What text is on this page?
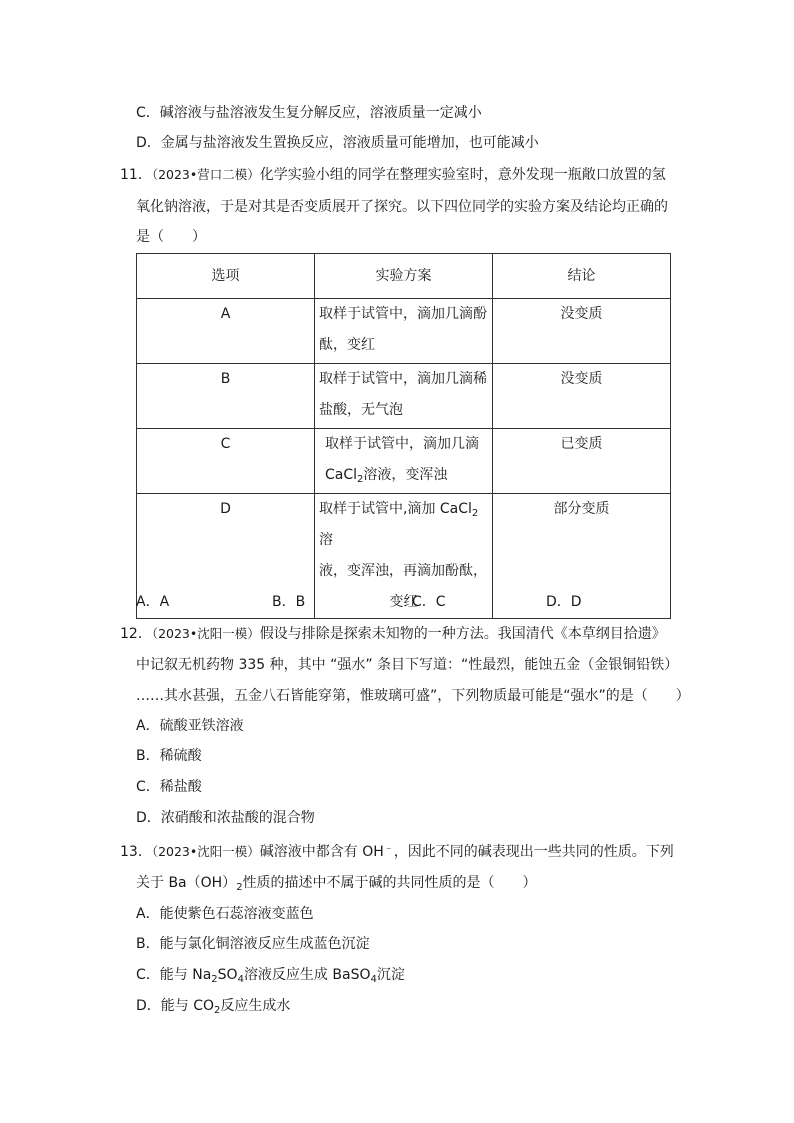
C．碱溶液与盐溶液发生复分解反应，溶液质量一定减小
D．金属与盐溶液发生置换反应，溶液质量可能增加，也可能减小
11．（2023•营口二模）化学实验小组的同学在整理实验室时，意外发现一瓶敞口放置的氢
氧化钠溶液，于是对其是否变质展开了探究。以下四位同学的实验方案及结论均正确的
是（　　）
选项	实验方案	结论
A	取样于试管中，滴加几滴酚
酞，变红	没变质
B	取样于试管中，滴加几滴稀
盐酸，无气泡	没变质
C	取样于试管中，滴加几滴
CaCl$_2$溶液，变浑浊	已变质
D	取样于试管中,滴加 CaCl$_2$溶
液，变浑浊，再滴加酚酞，

变红	部分变质
A．A	B．B	C．C	D．D
12．（2023•沈阳一模）假设与排除是探索未知物的一种方法。我国清代《本草纲目拾遗》
中记叙无机药物 335 种，其中 “强水” 条目下写道：“性最烈，能蚀五金（金银铜铅铁）
……其水甚强，五金八石皆能穿第，惟玻璃可盛”，下列物质最可能是“强水”的是（　　）
A．硫酸亚铁溶液
B．稀硫酸
C．稀盐酸
D．浓硝酸和浓盐酸的混合物
13．（2023•沈阳一模）碱溶液中都含有 OH﹣，因此不同的碱表现出一些共同的性质。下列
关于 $Ba(OH)_2$性质的描述中不属于碱的共同性质的是（　　）
A．能使紫色石蕊溶液变蓝色
B．能与氯化铜溶液反应生成蓝色沉淀
C．能与 $Na_2SO_4$溶液反应生成 BaSO$_4$沉淀
D．能与 $CO_2$反应生成水
